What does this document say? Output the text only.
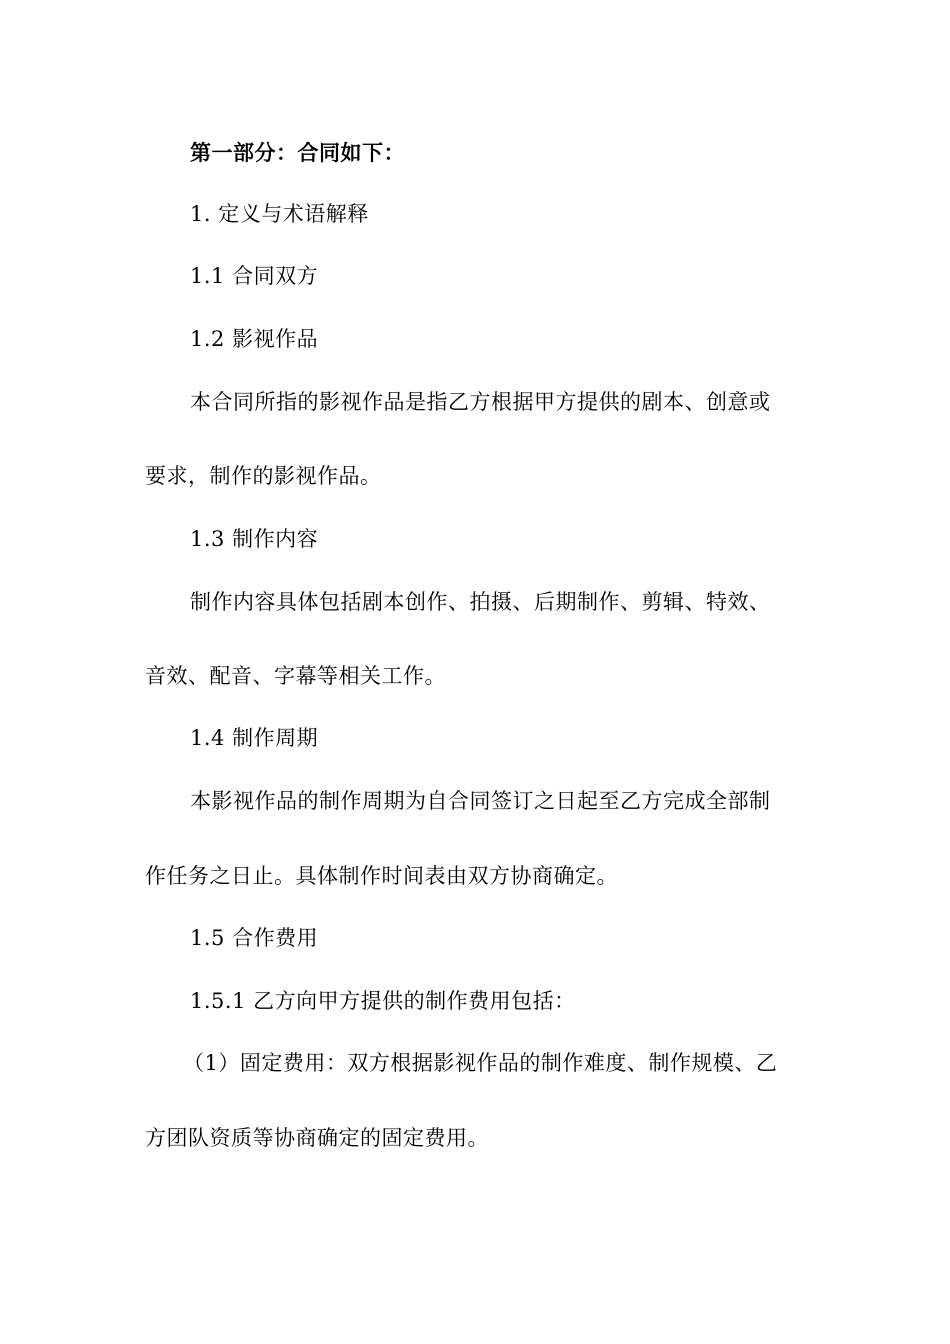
第一部分：合同如下：
1. 定义与术语解释
1.1 合同双方
1.2 影视作品
本合同所指的影视作品是指乙方根据甲方提供的剧本、创意或
要求，制作的影视作品。
1.3 制作内容
制作内容具体包括剧本创作、拍摄、后期制作、剪辑、特效、
音效、配音、字幕等相关工作。
1.4 制作周期
本影视作品的制作周期为自合同签订之日起至乙方完成全部制
作任务之日止。具体制作时间表由双方协商确定。
1.5 合作费用
1.5.1 乙方向甲方提供的制作费用包括：
（1）固定费用：双方根据影视作品的制作难度、制作规模、乙
方团队资质等协商确定的固定费用。
